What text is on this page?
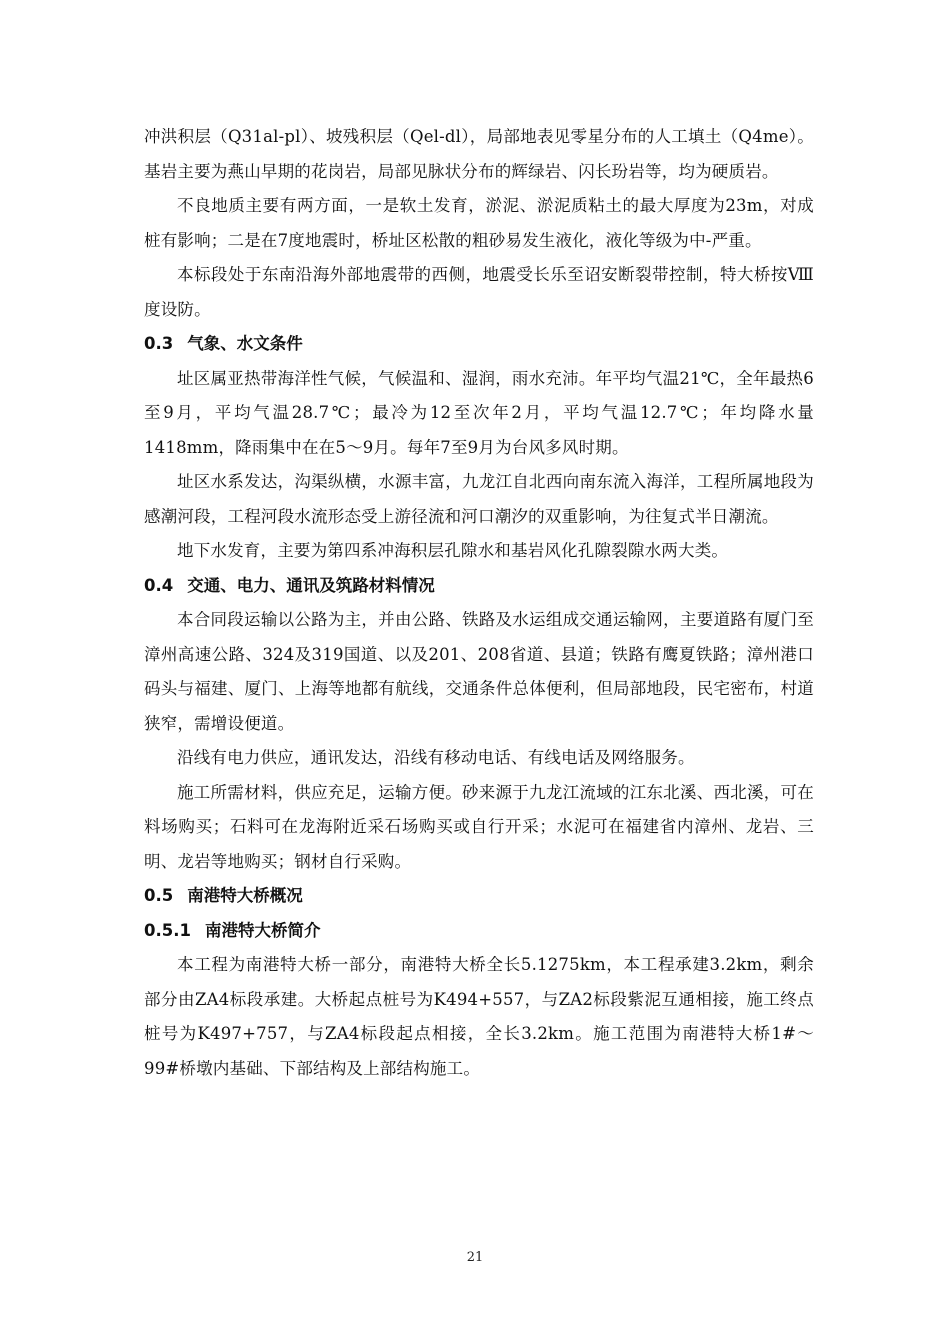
冲洪积层（Q31al-pl）、坡残积层（Qel-dl），局部地表见零星分布的人工填土（Q4me）。基岩主要为燕山早期的花岗岩，局部见脉状分布的辉绿岩、闪长玢岩等，均为硬质岩。

不良地质主要有两方面，一是软土发育，淤泥、淤泥质粘土的最大厚度为23m，对成桩有影响；二是在7度地震时，桥址区松散的粗砂易发生液化，液化等级为中-严重。

本标段处于东南沿海外部地震带的西侧，地震受长乐至诏安断裂带控制，特大桥按Ⅷ度设防。

0.3 气象、水文条件

址区属亚热带海洋性气候，气候温和、湿润，雨水充沛。年平均气温21℃，全年最热6至9月，平均气温28.7℃；最冷为12至次年2月，平均气温12.7℃；年均降水量1418mm，降雨集中在在5～9月。每年7至9月为台风多风时期。

址区水系发达，沟渠纵横，水源丰富，九龙江自北西向南东流入海洋，工程所属地段为感潮河段，工程河段水流形态受上游径流和河口潮汐的双重影响，为往复式半日潮流。

地下水发育，主要为第四系冲海积层孔隙水和基岩风化孔隙裂隙水两大类。

0.4 交通、电力、通讯及筑路材料情况

本合同段运输以公路为主，并由公路、铁路及水运组成交通运输网，主要道路有厦门至漳州高速公路、324及319国道、以及201、208省道、县道；铁路有鹰夏铁路；漳州港口码头与福建、厦门、上海等地都有航线，交通条件总体便利，但局部地段，民宅密布，村道狭窄，需增设便道。

沿线有电力供应，通讯发达，沿线有移动电话、有线电话及网络服务。

施工所需材料，供应充足，运输方便。砂来源于九龙江流域的江东北溪、西北溪，可在料场购买；石料可在龙海附近采石场购买或自行开采；水泥可在福建省内漳州、龙岩、三明、龙岩等地购买；钢材自行采购。

0.5 南港特大桥概况

0.5.1 南港特大桥简介

本工程为南港特大桥一部分，南港特大桥全长5.1275km，本工程承建3.2km，剩余部分由ZA4标段承建。大桥起点桩号为K494+557，与ZA2标段紫泥互通相接，施工终点桩号为K497+757，与ZA4标段起点相接，全长3.2km。施工范围为南港特大桥1#～99#桥墩内基础、下部结构及上部结构施工。

21
